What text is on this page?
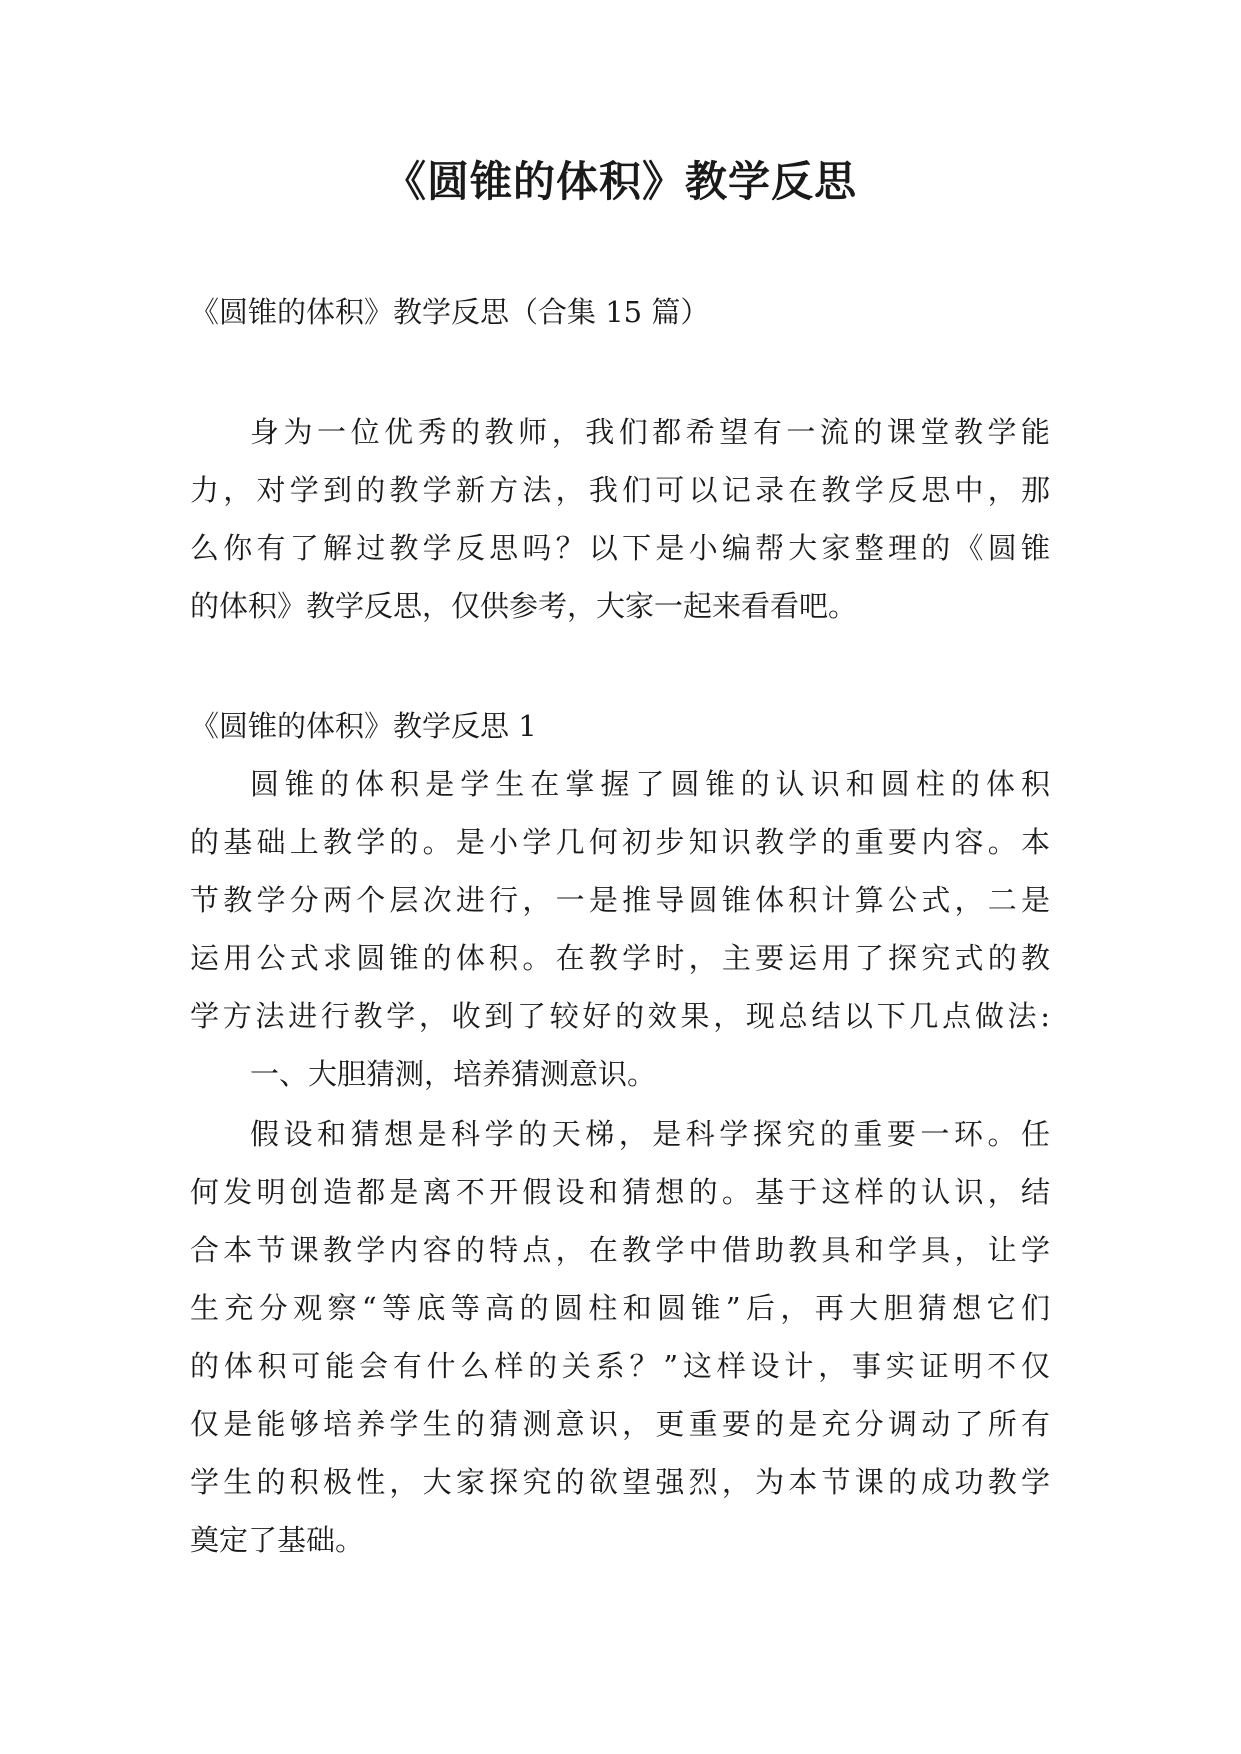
《圆锥的体积》教学反思

《圆锥的体积》教学反思（合集 15 篇）

身为一位优秀的教师，我们都希望有一流的课堂教学能

力，对学到的教学新方法，我们可以记录在教学反思中，那

么你有了解过教学反思吗？以下是小编帮大家整理的《圆锥

的体积》教学反思，仅供参考，大家一起来看看吧。

《圆锥的体积》教学反思 1

圆锥的体积是学生在掌握了圆锥的认识和圆柱的体积

的基础上教学的。是小学几何初步知识教学的重要内容。本

节教学分两个层次进行，一是推导圆锥体积计算公式，二是

运用公式求圆锥的体积。在教学时，主要运用了探究式的教

学方法进行教学，收到了较好的效果，现总结以下几点做法:

一、大胆猜测，培养猜测意识。

假设和猜想是科学的天梯，是科学探究的重要一环。任

何发明创造都是离不开假设和猜想的。基于这样的认识，结

合本节课教学内容的特点，在教学中借助教具和学具，让学

生充分观察“等底等高的圆柱和圆锥”后，再大胆猜想它们

的体积可能会有什么样的关系？”这样设计，事实证明不仅

仅是能够培养学生的猜测意识，更重要的是充分调动了所有

学生的积极性，大家探究的欲望强烈，为本节课的成功教学

奠定了基础。
